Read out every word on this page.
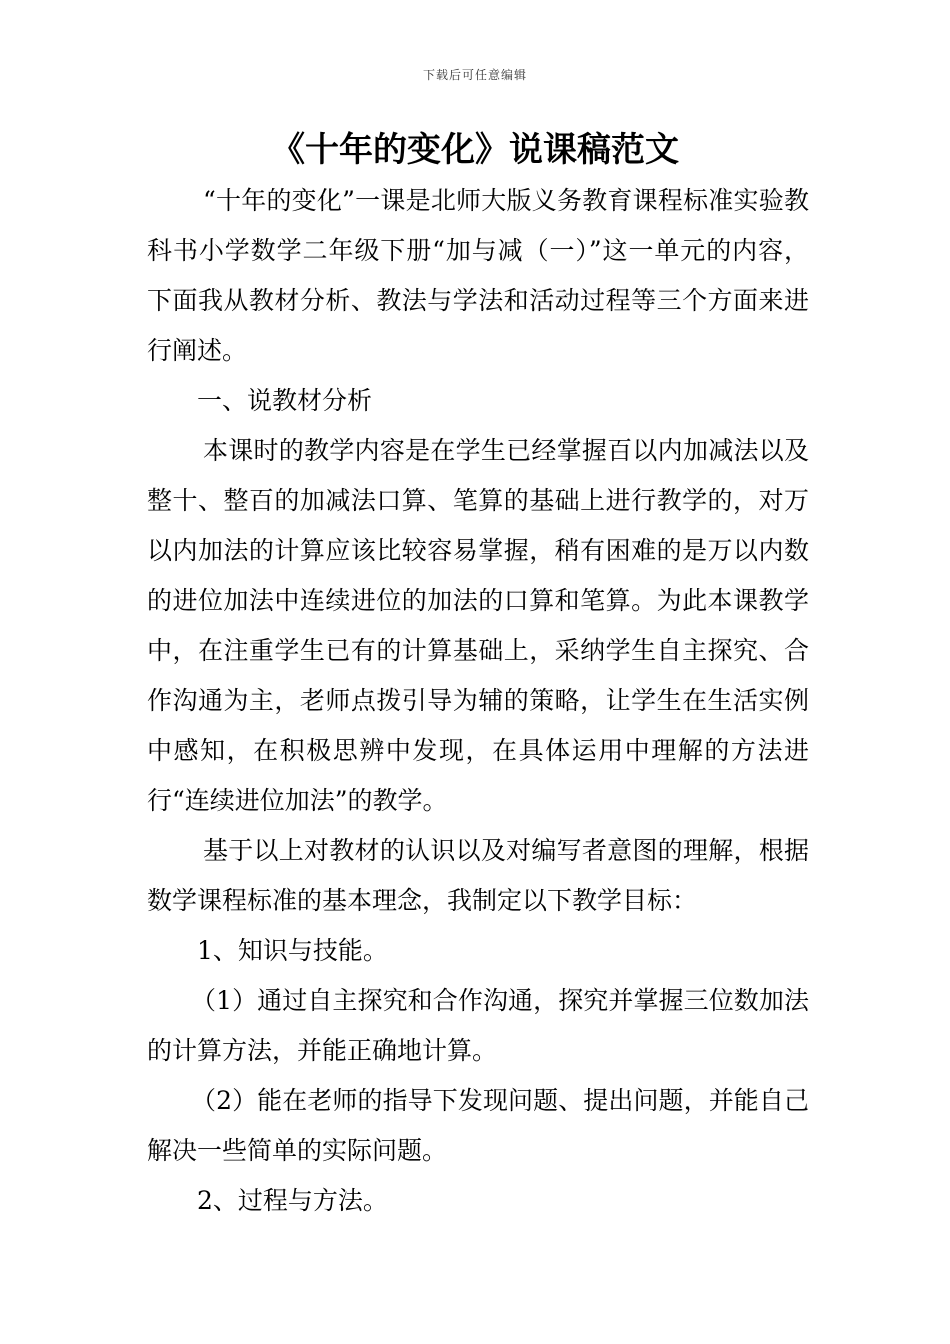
下载后可任意编辑
《十年的变化》说课稿范文

“十年的变化”一课是北师大版义务教育课程标准实验教科书小学数学二年级下册“加与减（一）”这一单元的内容，下面我从教材分析、教法与学法和活动过程等三个方面来进行阐述。

一、说教材分析

本课时的教学内容是在学生已经掌握百以内加减法以及整十、整百的加减法口算、笔算的基础上进行教学的，对万以内加法的计算应该比较容易掌握，稍有困难的是万以内数的进位加法中连续进位的加法的口算和笔算。为此本课教学中，在注重学生已有的计算基础上，采纳学生自主探究、合作沟通为主，老师点拨引导为辅的策略，让学生在生活实例中感知，在积极思辨中发现，在具体运用中理解的方法进行“连续进位加法”的教学。

基于以上对教材的认识以及对编写者意图的理解，根据数学课程标准的基本理念，我制定以下教学目标：

1、知识与技能。

（1）通过自主探究和合作沟通，探究并掌握三位数加法的计算方法，并能正确地计算。

（2）能在老师的指导下发现问题、提出问题，并能自己解决一些简单的实际问题。

2、过程与方法。
